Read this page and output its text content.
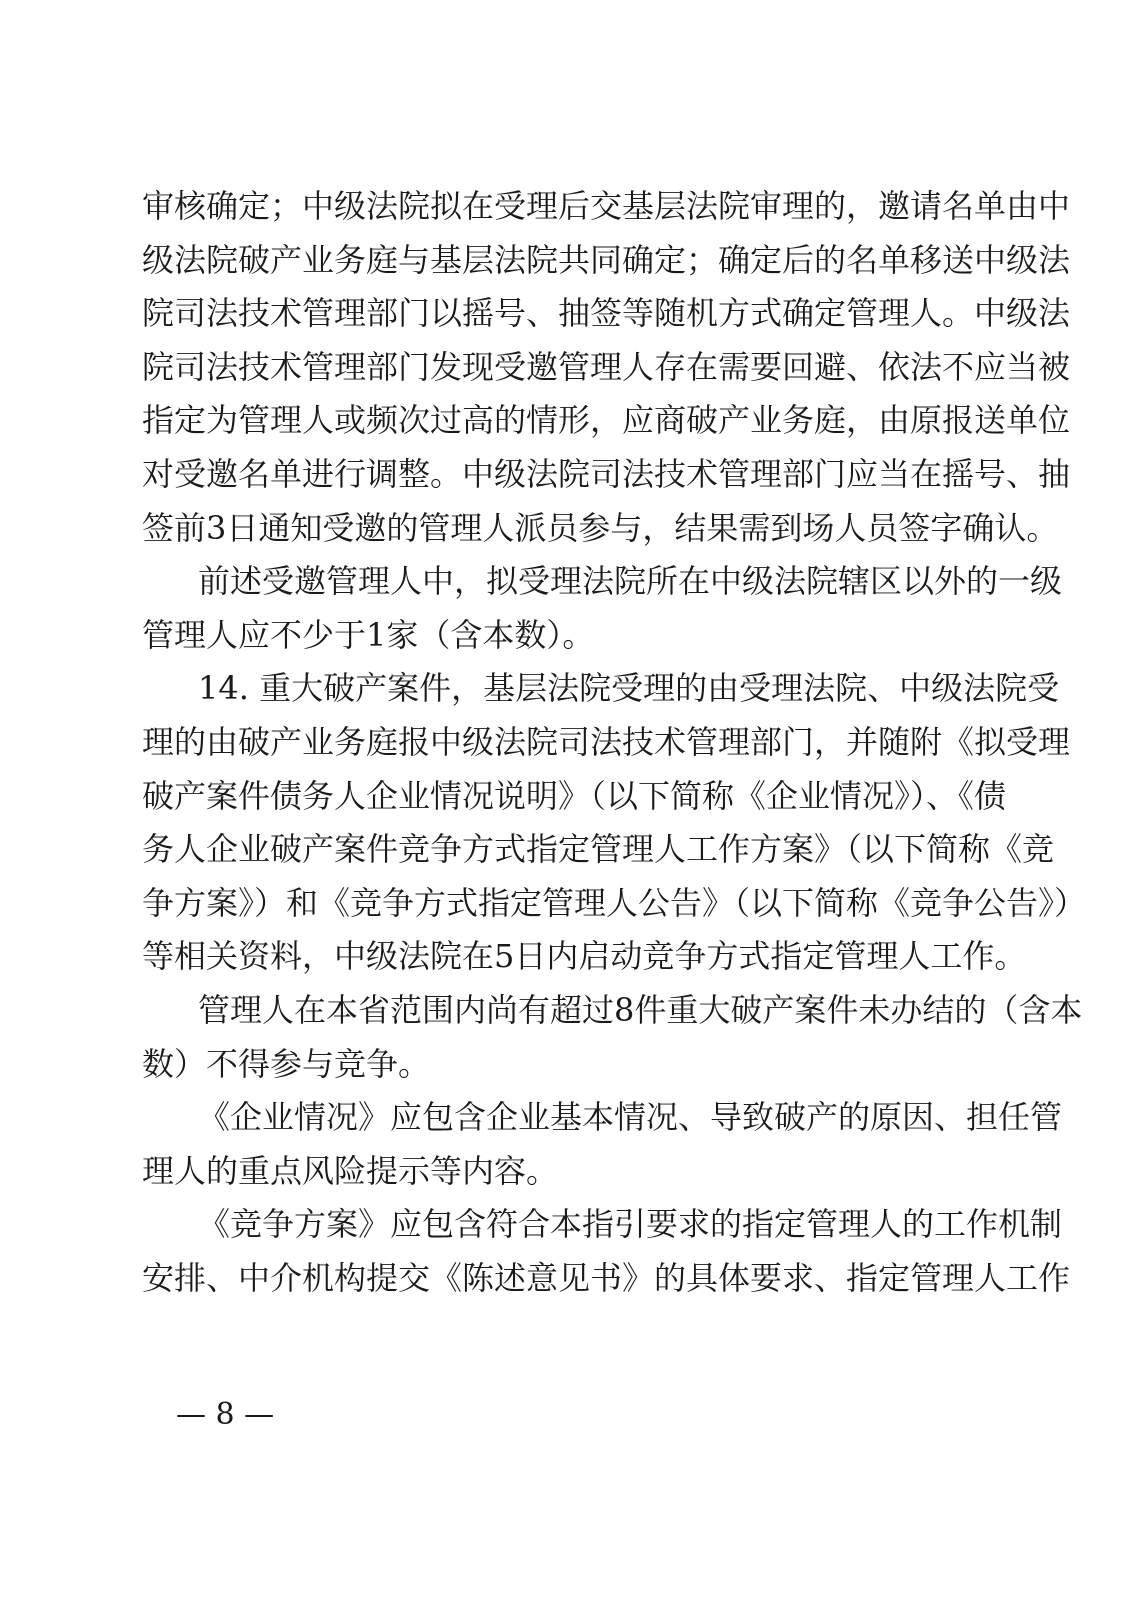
审核确定；中级法院拟在受理后交基层法院审理的，邀请名单由中
级法院破产业务庭与基层法院共同确定；确定后的名单移送中级法
院司法技术管理部门以摇号、抽签等随机方式确定管理人。中级法
院司法技术管理部门发现受邀管理人存在需要回避、依法不应当被
指定为管理人或频次过高的情形，应商破产业务庭，由原报送单位
对受邀名单进行调整。中级法院司法技术管理部门应当在摇号、抽
签前3日通知受邀的管理人派员参与，结果需到场人员签字确认。
前述受邀管理人中，拟受理法院所在中级法院辖区以外的一级
管理人应不少于1家（含本数）。
14. 重大破产案件，基层法院受理的由受理法院、中级法院受
理的由破产业务庭报中级法院司法技术管理部门，并随附《拟受理
破产案件债务人企业情况说明》（以下简称《企业情况》）、《债
务人企业破产案件竞争方式指定管理人工作方案》（以下简称《竞
争方案》）和《竞争方式指定管理人公告》（以下简称《竞争公告》）
等相关资料，中级法院在5日内启动竞争方式指定管理人工作。
管理人在本省范围内尚有超过8件重大破产案件未办结的（含本
数）不得参与竞争。
《企业情况》应包含企业基本情况、导致破产的原因、担任管
理人的重点风险提示等内容。
《竞争方案》应包含符合本指引要求的指定管理人的工作机制
安排、中介机构提交《陈述意见书》的具体要求、指定管理人工作
— 8 —
